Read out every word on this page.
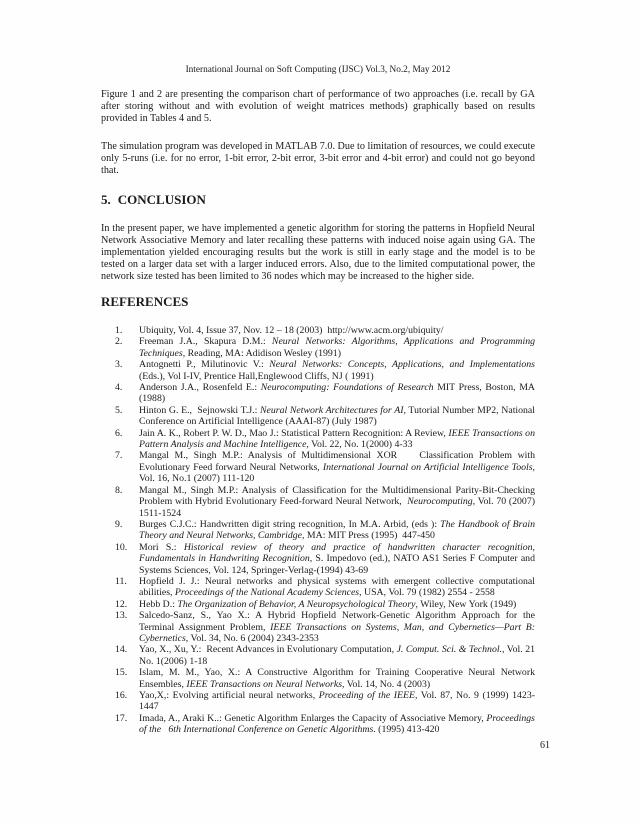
International Journal on Soft Computing (IJSC) Vol.3, No.2, May 2012

Figure 1 and 2 are presenting the comparison chart of performance of two approaches (i.e. recall by GA after storing without and with evolution of weight matrices methods) graphically based on results provided in Tables 4 and 5.

The simulation program was developed in MATLAB 7.0. Due to limitation of resources, we could execute only 5-runs (i.e. for no error, 1-bit error, 2-bit error, 3-bit error and 4-bit error) and could not go beyond that.

5. CONCLUSION

In the present paper, we have implemented a genetic algorithm for storing the patterns in Hopfield Neural Network Associative Memory and later recalling these patterns with induced noise again using GA. The implementation yielded encouraging results but the work is still in early stage and the model is to be tested on a larger data set with a larger induced errors. Also, due to the limited computational power, the network size tested has been limited to 36 nodes which may be increased to the higher side.

REFERENCES
1.	Ubiquity, Vol. 4, Issue 37, Nov. 12 – 18 (2003)  http://www.acm.org/ubiquity/
2.	Freeman J.A., Skapura D.M.: Neural Networks: Algorithms, Applications and Programming Techniques, Reading, MA: Adidison Wesley (1991)
3.	Antognetti P., Milutinovic V.: Neural Networks: Concepts, Applications, and Implementations (Eds.), Vol I-IV, Prentice Hall,Englewood Cliffs, NJ ( 1991)
4.	Anderson J.A., Rosenfeld E.: Neurocomputing: Foundations of Research MIT Press, Boston, MA (1988)
5.	Hinton G. E.,  Sejnowski T.J.: Neural Network Architectures for AI, Tutorial Number MP2, National Conference on Artificial Intelligence (AAAI-87) (July 1987)
6.	Jain A. K., Robert P. W. D., Mao J.: Statistical Pattern Recognition: A Review, IEEE Transactions on Pattern Analysis and Machine Intelligence, Vol. 22, No. 1(2000) 4-33
7.	Mangal M., Singh M.P.: Analysis of Multidimensional XOR    Classification Problem with Evolutionary Feed forward Neural Networks, International Journal on Artificial Intelligence Tools, Vol. 16, No.1 (2007) 111-120
8.	Mangal M., Singh M.P.: Analysis of Classification for the Multidimensional Parity-Bit-Checking Problem with Hybrid Evolutionary Feed-forward Neural Network,  Neurocomputing, Vol. 70 (2007) 1511-1524
9.	Burges C.J.C.: Handwritten digit string recognition, In M.A. Arbid, (eds ): The Handbook of Brain Theory and Neural Networks, Cambridge, MA: MIT Press (1995)  447-450
10.	Mori S.: Historical review of theory and practice of handwritten character recognition, Fundamentals in Handwriting Recognition, S. Impedovo (ed.), NATO AS1 Series F Computer and Systems Sciences, Vol. 124, Springer-Verlag-(1994) 43-69
11.	Hopfield J. J.: Neural networks and physical systems with emergent collective computational abilities, Proceedings of the National Academy Sciences, USA, Vol. 79 (1982) 2554 - 2558
12.	Hebb D.: The Organization of Behavior, A Neuropsychological Theory, Wiley, New York (1949)
13.	Salcedo-Sanz, S., Yao X.: A Hybrid Hopfield Network-Genetic Algorithm Approach for the Terminal Assignment Problem, IEEE Transactions on Systems, Man, and Cybernetics—Part B: Cybernetics, Vol. 34, No. 6 (2004) 2343-2353
14.	Yao, X., Xu, Y.:  Recent Advances in Evolutionary Computation, J. Comput. Sci. & Technol., Vol. 21 No. 1(2006) 1-18
15.	Islam, M. M., Yao, X.: A Constructive Algorithm for Training Cooperative Neural Network Ensembles, IEEE Transactions on Neural Networks, Vol. 14, No. 4 (2003)
16.	Yao,X,: Evolving artificial neural networks, Proceeding of the IEEE, Vol. 87, No. 9 (1999) 1423-1447
17.	Imada, A., Araki K..: Genetic Algorithm Enlarges the Capacity of Associative Memory, Proceedings of the   6th International Conference on Genetic Algorithms. (1995) 413-420
61
